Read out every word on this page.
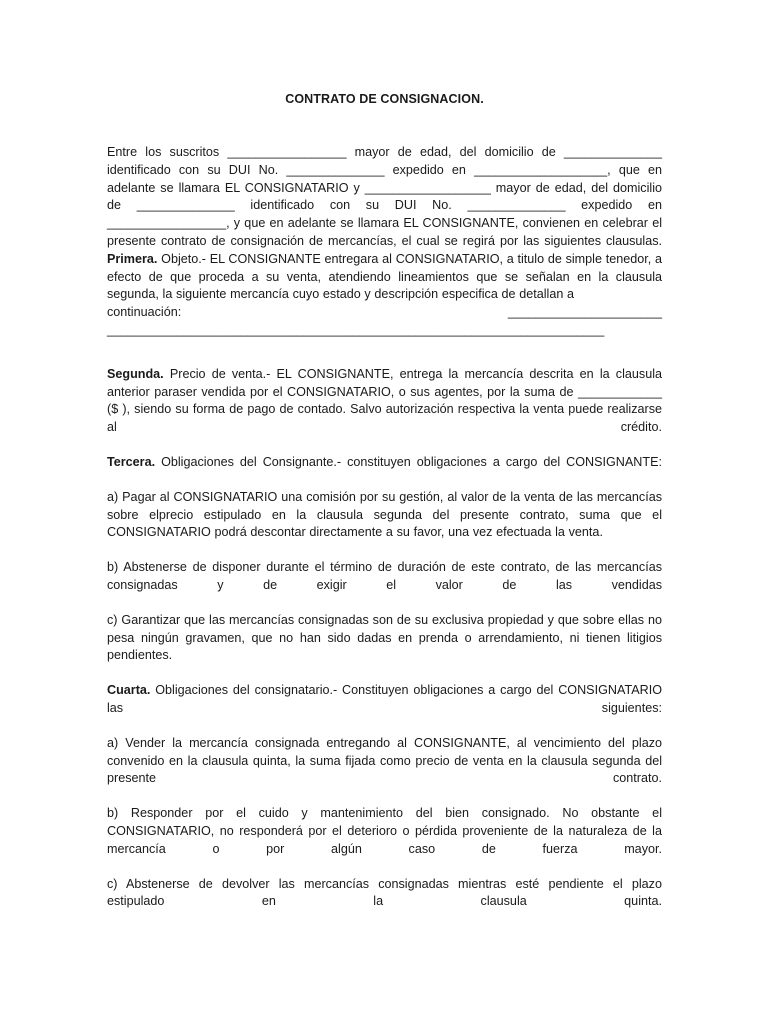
CONTRATO DE CONSIGNACION.
Entre los suscritos _________________ mayor de edad, del domicilio de ______________ identificado con su DUI No. ______________ expedido en ___________________, que en adelante se llamara EL CONSIGNATARIO y __________________ mayor de edad, del domicilio de ______________ identificado con su DUI No. ______________ expedido en _________________, y que en adelante se llamara EL CONSIGNANTE, convienen en celebrar el presente contrato de consignación de mercancías, el cual se regirá por las siguientes clausulas. Primera. Objeto.- EL CONSIGNANTE entregara al CONSIGNATARIO, a titulo de simple tenedor, a efecto de que proceda a su venta, atendiendo lineamientos que se señalan en la clausula segunda, la siguiente mercancía cuyo estado y descripción especifica de detallan a
continuación:	______________________
_______________________________________________________________________
Segunda. Precio de venta.- EL CONSIGNANTE, entrega la mercancía descrita en la clausula anterior paraser vendida por el CONSIGNATARIO, o sus agentes, por la suma de ____________ ($ ), siendo su forma de pago de contado. Salvo autorización respectiva la venta puede realizarse al crédito.
Tercera. Obligaciones del Consignante.- constituyen obligaciones a cargo del CONSIGNANTE:
a) Pagar al CONSIGNATARIO una comisión por su gestión, al valor de la venta de las mercancías sobre elprecio estipulado en la clausula segunda del presente contrato, suma que el CONSIGNATARIO podrá descontar directamente a su favor, una vez efectuada la venta.
b) Abstenerse de disponer durante el término de duración de este contrato, de las mercancías consignadas y de exigir el valor de las vendidas
c) Garantizar que las mercancías consignadas son de su exclusiva propiedad y que sobre ellas no pesa ningún gravamen, que no han sido dadas en prenda o arrendamiento, ni tienen litigios pendientes.
Cuarta. Obligaciones del consignatario.- Constituyen obligaciones a cargo del CONSIGNATARIO las siguientes:
a) Vender la mercancía consignada entregando al CONSIGNANTE, al vencimiento del plazo convenido en la clausula quinta, la suma fijada como precio de venta en la clausula segunda del presente contrato.
b) Responder por el cuido y mantenimiento del bien consignado. No obstante el CONSIGNATARIO, no responderá por el deterioro o pérdida proveniente de la naturaleza de la mercancía o por algún caso de fuerza mayor.
c) Abstenerse de devolver las mercancías consignadas mientras esté pendiente el plazo estipulado en la clausula quinta.
